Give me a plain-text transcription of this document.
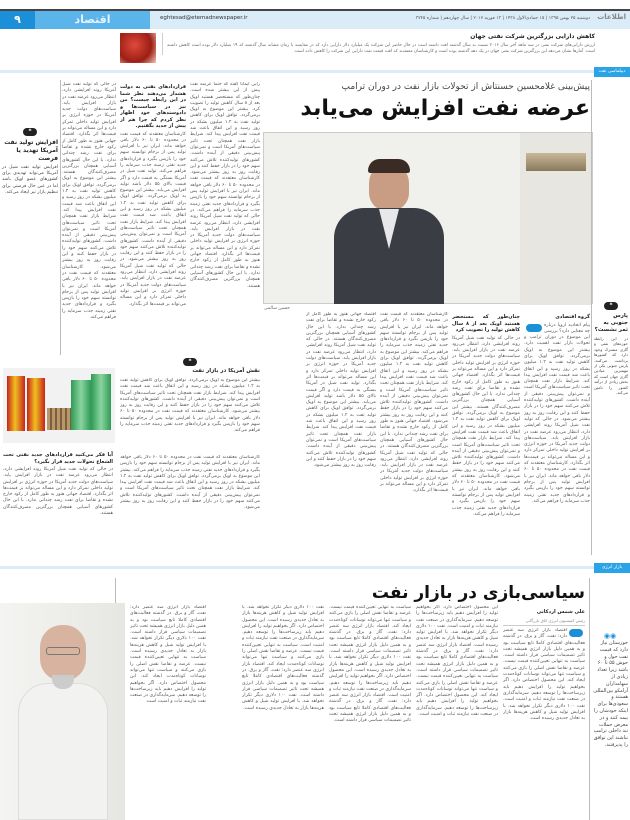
۹	اقتصاد	اطلاعات
دوشنبه ۲۵ بهمن ۱۳۹۵ | ۱۵ جمادی‌الاول ۱۴۳۸ | ۱۳ فوریه ۲۰۱۷ | سال چهاردهم | شماره ۳۷۴۵
eghtesad@etemadnewspaper.ir
کاهش دارایی بزرگترین شرکت نفتی جهان
ارزش دارایی‌های شرکت نفتی در سه ماهه آخر سال ۲۰۱۶ نسبت به سال گذشته افت داشته است در حال حاضر این شرکت یک میلیارد دلار دارایی دارد که در مقایسه با زمان مشابه سال گذشته که ۱۹ میلیارد دلار بوده است کاهش داشته است. آمارها نشان می‌دهد این بزرگترین شرکت نفتی جهان در یک دهه گذشته بوده است و کارشناسان معتقدند که افت قیمت نفت دارایی این شرکت را کاهش داده است.
دیپلماسی نفت
پیش‌بینی غلامحسین حسنتاش از تحولات بازار نفت در دوران ترامپ
عرضه نفت افزایش می‌یابد
حسین سالمی
گروه اقتصادی
پیام اتحادیه اروپا درباره چه معنایی دارد؟ بررسی این موضوع در دوران ترامپ و تحولات بازار نفت اهمیت دارد. بیشتر این موضوع به اوپک برمی‌گردد. توافق اوپک برای کاهش تولید نفت به ۱.۲ میلیون بشکه در روز رسید و این اتفاق باعث شد قیمت نفت افزایش پیدا کند. شرایط بازار نفت همچنان تحت تاثیر سیاست‌های آمریکا است و نمی‌توان پیش‌بینی دقیقی از آینده داشت. کشورهای تولیدکننده تلاش می‌کنند سهم خود را در بازار حفظ کنند و این رقابت روز به روز بیشتر می‌شود. در حالی که تولید نفت شیل آمریکا روند افزایشی دارد، انتظار می‌رود عرضه نفت در بازار افزایش یابد. سیاست‌های دولت جدید آمریکا در حوزه انرژی بر افزایش تولید داخلی تمرکز دارد و این مساله می‌تواند بر قیمت‌ها اثر بگذارد. کارشناسان معتقدند که قیمت نفت در محدوده ۵۰ تا ۶۰ دلار باقی خواهد ماند. ایران نیز با افزایش تولید پس از برجام توانسته سهم خود را بازپس بگیرد و قراردادهای جدید نفتی زمینه جذب سرمایه را فراهم می‌کند.
چنان‌طور که مستحضر هستید اوپک بعد از ۸ سال کاهش تولید را تصویب کرد
در حالی که تولید نفت شیل آمریکا روند افزایشی دارد، انتظار می‌رود عرضه نفت در بازار افزایش یابد. سیاست‌های دولت جدید آمریکا در حوزه انرژی بر افزایش تولید داخلی تمرکز دارد و این مساله می‌تواند بر قیمت‌ها اثر بگذارد. اقتصاد جهانی هنوز به طور کامل از رکود خارج نشده و تقاضا برای نفت رشد چندانی ندارد. با این حال کشورهای آسیایی همچنان بزرگترین مصرف‌کنندگان هستند. بیشتر این موضوع به اوپک برمی‌گردد. توافق اوپک برای کاهش تولید نفت به ۱.۲ میلیون بشکه در روز رسید و این اتفاق باعث شد قیمت نفت افزایش پیدا کند. شرایط بازار نفت همچنان تحت تاثیر سیاست‌های آمریکا است و نمی‌توان پیش‌بینی دقیقی از آینده داشت. کشورهای تولیدکننده تلاش می‌کنند سهم خود را در بازار حفظ کنند و این رقابت روز به روز بیشتر می‌شود. کارشناسان معتقدند که قیمت نفت در محدوده ۵۰ تا ۶۰ دلار باقی خواهد ماند. ایران نیز با افزایش تولید پس از برجام توانسته سهم خود را بازپس بگیرد و قراردادهای جدید نفتی زمینه جذب سرمایه را فراهم می‌کند.
کارشناسان معتقدند که قیمت نفت در محدوده ۵۰ تا ۶۰ دلار باقی خواهد ماند. ایران نیز با افزایش تولید پس از برجام توانسته سهم خود را بازپس بگیرد و قراردادهای جدید نفتی زمینه جذب سرمایه را فراهم می‌کند. بیشتر این موضوع به اوپک برمی‌گردد. توافق اوپک برای کاهش تولید نفت به ۱.۲ میلیون بشکه در روز رسید و این اتفاق باعث شد قیمت نفت افزایش پیدا کند. شرایط بازار نفت همچنان تحت تاثیر سیاست‌های آمریکا است و نمی‌توان پیش‌بینی دقیقی از آینده داشت. کشورهای تولیدکننده تلاش می‌کنند سهم خود را در بازار حفظ کنند و این رقابت روز به روز بیشتر می‌شود. اقتصاد جهانی هنوز به طور کامل از رکود خارج نشده و تقاضا برای نفت رشد چندانی ندارد. با این حال کشورهای آسیایی همچنان بزرگترین مصرف‌کنندگان هستند. در حالی که تولید نفت شیل آمریکا روند افزایشی دارد، انتظار می‌رود عرضه نفت در بازار افزایش یابد. سیاست‌های دولت جدید آمریکا در حوزه انرژی بر افزایش تولید داخلی تمرکز دارد و این مساله می‌تواند بر قیمت‌ها اثر بگذارد.
اقتصاد جهانی هنوز به طور کامل از رکود خارج نشده و تقاضا برای نفت رشد چندانی ندارد. با این حال کشورهای آسیایی همچنان بزرگترین مصرف‌کنندگان هستند. در حالی که تولید نفت شیل آمریکا روند افزایشی دارد، انتظار می‌رود عرضه نفت در بازار افزایش یابد. سیاست‌های دولت جدید آمریکا در حوزه انرژی بر افزایش تولید داخلی تمرکز دارد و این مساله می‌تواند بر قیمت‌ها اثر بگذارد. تولید نفت شیل در آمریکا بستگی به قیمت دارد و اگر قیمت بالای ۵۵ دلار باشد تولید افزایش می‌یابد. بیشتر این موضوع به اوپک برمی‌گردد. توافق اوپک برای کاهش تولید نفت به ۱.۲ میلیون بشکه در روز رسید و این اتفاق باعث شد قیمت نفت افزایش پیدا کند. شرایط بازار نفت همچنان تحت تاثیر سیاست‌های آمریکا است و نمی‌توان پیش‌بینی دقیقی از آینده داشت. کشورهای تولیدکننده تلاش می‌کنند سهم خود را در بازار حفظ کنند و این رقابت روز به روز بیشتر می‌شود.
رابی ایمانا گفته که حتما عرضه نفت پیش از این بیشتر شده است. چنان‌طور که مستحضر هستید اوپک بعد از ۸ سال کاهش تولید را تصویب کرد. بیشتر این موضوع به اوپک برمی‌گردد. توافق اوپک برای کاهش تولید نفت به ۱.۲ میلیون بشکه در روز رسید و این اتفاق باعث شد قیمت نفت افزایش پیدا کند. شرایط بازار نفت همچنان تحت تاثیر سیاست‌های آمریکا است و نمی‌توان پیش‌بینی دقیقی از آینده داشت. کشورهای تولیدکننده تلاش می‌کنند سهم خود را در بازار حفظ کنند و این رقابت روز به روز بیشتر می‌شود. کارشناسان معتقدند که قیمت نفت در محدوده ۵۰ تا ۶۰ دلار باقی خواهد ماند. ایران نیز با افزایش تولید پس از برجام توانسته سهم خود را بازپس بگیرد و قراردادهای جدید نفتی زمینه جذب سرمایه را فراهم می‌کند. در حالی که تولید نفت شیل آمریکا روند افزایشی دارد، انتظار می‌رود عرضه نفت در بازار افزایش یابد. سیاست‌های دولت جدید آمریکا در حوزه انرژی بر افزایش تولید داخلی تمرکز دارد و این مساله می‌تواند بر قیمت‌ها اثر بگذارد. اقتصاد جهانی هنوز به طور کامل از رکود خارج نشده و تقاضا برای نفت رشد چندانی ندارد. با این حال کشورهای آسیایی همچنان بزرگترین مصرف‌کنندگان هستند.
قراردادهای نفتی به دولت هشدار می‌دهند نظر شما در این رابطه چیست؟ من نیز در سیاست‌ها و دادوستدهای خود اظهار نظر کردم که چرا هم از پیش از جدید بگفتیم.
کارشناسان معتقدند که قیمت نفت در محدوده ۵۰ تا ۶۰ دلار باقی خواهد ماند. ایران نیز با افزایش تولید پس از برجام توانسته سهم خود را بازپس بگیرد و قراردادهای جدید نفتی زمینه جذب سرمایه را فراهم می‌کند. تولید نفت شیل در آمریکا بستگی به قیمت دارد و اگر قیمت بالای ۵۵ دلار باشد تولید افزایش می‌یابد. بیشتر این موضوع به اوپک برمی‌گردد. توافق اوپک برای کاهش تولید نفت به ۱.۲ میلیون بشکه در روز رسید و این اتفاق باعث شد قیمت نفت افزایش پیدا کند. شرایط بازار نفت همچنان تحت تاثیر سیاست‌های آمریکا است و نمی‌توان پیش‌بینی دقیقی از آینده داشت. کشورهای تولیدکننده تلاش می‌کنند سهم خود را در بازار حفظ کنند و این رقابت روز به روز بیشتر می‌شود. در حالی که تولید نفت شیل آمریکا روند افزایشی دارد، انتظار می‌رود عرضه نفت در بازار افزایش یابد. سیاست‌های دولت جدید آمریکا در حوزه انرژی بر افزایش تولید داخلی تمرکز دارد و این مساله می‌تواند بر قیمت‌ها اثر بگذارد.
در حالی که تولید نفت شیل آمریکا روند افزایشی دارد، انتظار می‌رود عرضه نفت در بازار افزایش یابد. سیاست‌های دولت جدید آمریکا در حوزه انرژی بر افزایش تولید داخلی تمرکز دارد و این مساله می‌تواند بر قیمت‌ها اثر بگذارد. اقتصاد جهانی هنوز به طور کامل از رکود خارج نشده و تقاضا برای نفت رشد چندانی ندارد. با این حال کشورهای آسیایی همچنان بزرگترین مصرف‌کنندگان هستند. بیشتر این موضوع به اوپک برمی‌گردد. توافق اوپک برای کاهش تولید نفت به ۱.۲ میلیون بشکه در روز رسید و این اتفاق باعث شد قیمت نفت افزایش پیدا کند. شرایط بازار نفت همچنان تحت تاثیر سیاست‌های آمریکا است و نمی‌توان پیش‌بینی دقیقی از آینده داشت. کشورهای تولیدکننده تلاش می‌کنند سهم خود را در بازار حفظ کنند و این رقابت روز به روز بیشتر می‌شود. کارشناسان معتقدند که قیمت نفت در محدوده ۵۰ تا ۶۰ دلار باقی خواهد ماند. ایران نیز با افزایش تولید پس از برجام توانسته سهم خود را بازپس بگیرد و قراردادهای جدید نفتی زمینه جذب سرمایه را فراهم می‌کند.
❝
نقش آمریکا در بازار نفت
بیشتر این موضوع به اوپک برمی‌گردد. توافق اوپک برای کاهش تولید نفت به ۱.۲ میلیون بشکه در روز رسید و این اتفاق باعث شد قیمت نفت افزایش پیدا کند. شرایط بازار نفت همچنان تحت تاثیر سیاست‌های آمریکا است و نمی‌توان پیش‌بینی دقیقی از آینده داشت. کشورهای تولیدکننده تلاش می‌کنند سهم خود را در بازار حفظ کنند و این رقابت روز به روز بیشتر می‌شود. کارشناسان معتقدند که قیمت نفت در محدوده ۵۰ تا ۶۰ دلار باقی خواهد ماند. ایران نیز با افزایش تولید پس از برجام توانسته سهم خود را بازپس بگیرد و قراردادهای جدید نفتی زمینه جذب سرمایه را فراهم می‌کند.
آیا فکر می‌کنید قراردادهای جدید نفتی تحت الشعاع تحولات جدید قرار بگیرد؟
در حالی که تولید نفت شیل آمریکا روند افزایشی دارد، انتظار می‌رود عرضه نفت در بازار افزایش یابد. سیاست‌های دولت جدید آمریکا در حوزه انرژی بر افزایش تولید داخلی تمرکز دارد و این مساله می‌تواند بر قیمت‌ها اثر بگذارد. اقتصاد جهانی هنوز به طور کامل از رکود خارج نشده و تقاضا برای نفت رشد چندانی ندارد. با این حال کشورهای آسیایی همچنان بزرگترین مصرف‌کنندگان هستند.
کارشناسان معتقدند که قیمت نفت در محدوده ۵۰ تا ۶۰ دلار باقی خواهد ماند. ایران نیز با افزایش تولید پس از برجام توانسته سهم خود را بازپس بگیرد و قراردادهای جدید نفتی زمینه جذب سرمایه را فراهم می‌کند. بیشتر این موضوع به اوپک برمی‌گردد. توافق اوپک برای کاهش تولید نفت به ۱.۲ میلیون بشکه در روز رسید و این اتفاق باعث شد قیمت نفت افزایش پیدا کند. شرایط بازار نفت همچنان تحت تاثیر سیاست‌های آمریکا است و نمی‌توان پیش‌بینی دقیقی از آینده داشت. کشورهای تولیدکننده تلاش می‌کنند سهم خود را در بازار حفظ کنند و این رقابت روز به روز بیشتر می‌شود.
❝
پارس جنوبی به ثمر نشست؟
در این رابطه حوزه‌های نفتی و گازی مشترک وجود دارد که کشورها برداشت می‌کنند. پارس جنوبی یکی از مهمترین میادین گازی جهان است که بخش زیادی از درآمد کشور را تامین می‌کند.
❝
افزایش تولید نفت آمریکا تهدید یا فرصت
افزایش تولید نفت شیل در آمریکا می‌تواند تهدیدی برای کشورهای عضو اوپک باشد اما در عین حال فرصتی برای تنظیم بازار نیز ایجاد می‌کند.
بازار انرژی
سیاسی‌بازی در بازار نفت
علی شمس اردکانی
رئیس کمیسیون انرژی اتاق بازرگانی
اقتصاد بازار انرژی سه عنصر دارد: نفت، گاز و برق. در گذشته فعالیت‌های اقتصادی کاملا تابع سیاست بود و به همین دلیل بازار انرژی همیشه تحت تاثیر تصمیمات سیاسی قرار داشته است. سیاست به تنهایی تعیین‌کننده قیمت نیست. عرضه و تقاضا نقش اصلی را بازی می‌کنند و سیاست تنها می‌تواند نوسانات کوتاه‌مدت ایجاد کند. این محصول اختصاص دارد. اگر بخواهیم تولید را افزایش دهیم باید زیرساخت‌ها را توسعه دهیم. سرمایه‌گذاری در صنعت نفت نیازمند ثبات و امنیت است. نفت ۱۰۰ دلاری دیگر تکرار نخواهد شد. با افزایش تولید شیل و کاهش هزینه‌ها بازار به تعادل جدیدی رسیده است.
این محصول اختصاص دارد. اگر بخواهیم تولید را افزایش دهیم باید زیرساخت‌ها را توسعه دهیم. سرمایه‌گذاری در صنعت نفت نیازمند ثبات و امنیت است. نفت ۱۰۰ دلاری دیگر تکرار نخواهد شد. با افزایش تولید شیل و کاهش هزینه‌ها بازار به تعادل جدیدی رسیده است. اقتصاد بازار انرژی سه عنصر دارد: نفت، گاز و برق. در گذشته فعالیت‌های اقتصادی کاملا تابع سیاست بود و به همین دلیل بازار انرژی همیشه تحت تاثیر تصمیمات سیاسی قرار داشته است. سیاست به تنهایی تعیین‌کننده قیمت نیست. عرضه و تقاضا نقش اصلی را بازی می‌کنند و سیاست تنها می‌تواند نوسانات کوتاه‌مدت ایجاد کند. این محصول اختصاص دارد. اگر بخواهیم تولید را افزایش دهیم باید زیرساخت‌ها را توسعه دهیم. سرمایه‌گذاری در صنعت نفت نیازمند ثبات و امنیت است.
سیاست به تنهایی تعیین‌کننده قیمت نیست. عرضه و تقاضا نقش اصلی را بازی می‌کنند و سیاست تنها می‌تواند نوسانات کوتاه‌مدت ایجاد کند. اقتصاد بازار انرژی سه عنصر دارد: نفت، گاز و برق. در گذشته فعالیت‌های اقتصادی کاملا تابع سیاست بود و به همین دلیل بازار انرژی همیشه تحت تاثیر تصمیمات سیاسی قرار داشته است. نفت ۱۰۰ دلاری دیگر تکرار نخواهد شد. با افزایش تولید شیل و کاهش هزینه‌ها بازار به تعادل جدیدی رسیده است. این محصول اختصاص دارد. اگر بخواهیم تولید را افزایش دهیم باید زیرساخت‌ها را توسعه دهیم. سرمایه‌گذاری در صنعت نفت نیازمند ثبات و امنیت است. اقتصاد بازار انرژی سه عنصر دارد: نفت، گاز و برق. در گذشته فعالیت‌های اقتصادی کاملا تابع سیاست بود و به همین دلیل بازار انرژی همیشه تحت تاثیر تصمیمات سیاسی قرار داشته است.
نفت ۱۰۰ دلاری دیگر تکرار نخواهد شد. با افزایش تولید شیل و کاهش هزینه‌ها بازار به تعادل جدیدی رسیده است. این محصول اختصاص دارد. اگر بخواهیم تولید را افزایش دهیم باید زیرساخت‌ها را توسعه دهیم. سرمایه‌گذاری در صنعت نفت نیازمند ثبات و امنیت است. سیاست به تنهایی تعیین‌کننده قیمت نیست. عرضه و تقاضا نقش اصلی را بازی می‌کنند و سیاست تنها می‌تواند نوسانات کوتاه‌مدت ایجاد کند. اقتصاد بازار انرژی سه عنصر دارد: نفت، گاز و برق. در گذشته فعالیت‌های اقتصادی کاملا تابع سیاست بود و به همین دلیل بازار انرژی همیشه تحت تاثیر تصمیمات سیاسی قرار داشته است. نفت ۱۰۰ دلاری دیگر تکرار نخواهد شد. با افزایش تولید شیل و کاهش هزینه‌ها بازار به تعادل جدیدی رسیده است.
اقتصاد بازار انرژی سه عنصر دارد: نفت، گاز و برق. در گذشته فعالیت‌های اقتصادی کاملا تابع سیاست بود و به همین دلیل بازار انرژی همیشه تحت تاثیر تصمیمات سیاسی قرار داشته است. نفت ۱۰۰ دلاری دیگر تکرار نخواهد شد. با افزایش تولید شیل و کاهش هزینه‌ها بازار به تعادل جدیدی رسیده است. سیاست به تنهایی تعیین‌کننده قیمت نیست. عرضه و تقاضا نقش اصلی را بازی می‌کنند و سیاست تنها می‌تواند نوسانات کوتاه‌مدت ایجاد کند. این محصول اختصاص دارد. اگر بخواهیم تولید را افزایش دهیم باید زیرساخت‌ها را توسعه دهیم. سرمایه‌گذاری در صنعت نفت نیازمند ثبات و امنیت است.
◉◉
خوزستان نیاز دارد که قیمت نفت حول و حوش ۵۵ تا ۶۰ باشد زیرا تعداد زیادی از سهامداران آرامکو بین‌المللی هستند و سعودی‌ها برای اینکه خودشان را بیمه کنند و در معرض حملات تند داخلی ترامپ نباشند این توافق را پذیرفتند.
